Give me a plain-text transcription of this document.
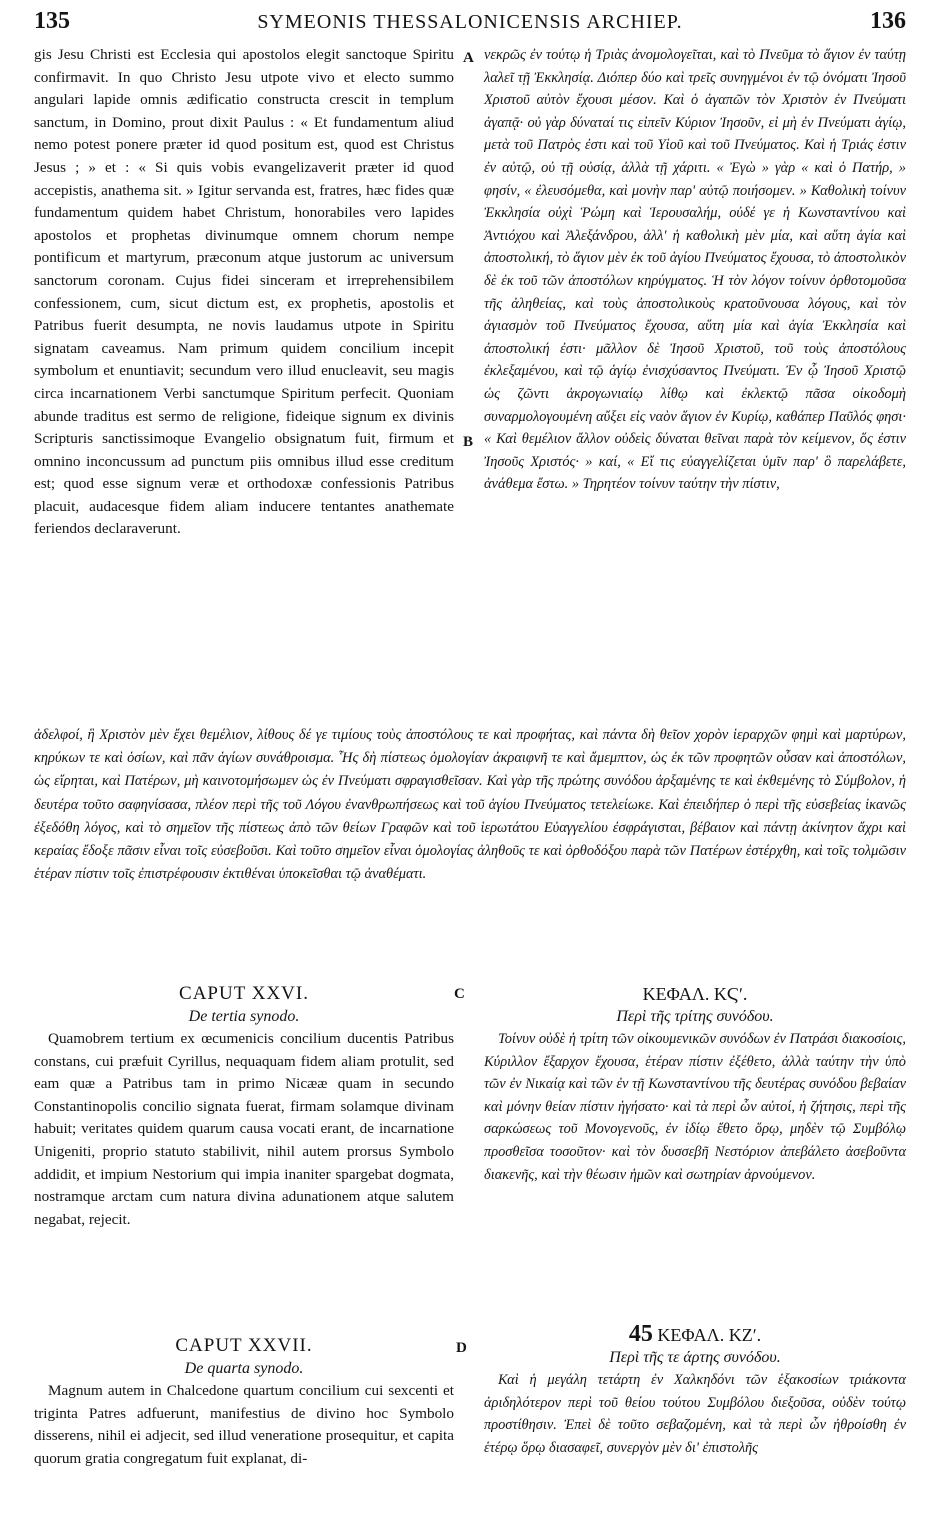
135	SYMEONIS THESSALONICENSIS ARCHIEP.	136
A
B
C
D

gis Jesu Christi est Ecclesia qui apostolos elegit sanctoque Spiritu confirmavit. In quo Christo Jesu utpote vivo et electo summo angulari lapide omnis ædificatio constructa crescit in templum sanctum, in Domino, prout dixit Paulus : « Et fundamentum aliud nemo potest ponere præter id quod positum est, quod est Christus Jesus ; » et : « Si quis vobis evangelizaverit præter id quod accepistis, anathema sit. » Igitur servanda est, fratres, hæc fides quæ fundamentum quidem habet Christum, honorabiles vero lapides apostolos et prophetas divinumque omnem chorum nempe pontificum et martyrum, præconum atque justorum ac universum sanctorum coronam. Cujus fidei sinceram et irreprehensibilem confessionem, cum, sicut dictum est, ex prophetis, apostolis et Patribus fuerit desumpta, ne novis laudamus utpote in Spiritu signatam caveamus. Nam primum quidem concilium incepit symbolum et enuntiavit; secundum vero illud enucleavit, seu magis circa incarnationem Verbi sanctumque Spiritum perfecit. Quoniam abunde traditus est sermo de religione, fideique signum ex divinis Scripturis sanctissimoque Evangelio obsignatum fuit, firmum et omnino inconcussum ad punctum piis omnibus illud esse creditum est; quod esse signum veræ et orthodoxæ confessionis Patribus placuit, audacesque fidem aliam inducere tentantes anathemate feriendos declaraverunt.

νεκρῶς ἐν τούτῳ ἡ Τριὰς ἀνομολογεῖται, καὶ τὸ Πνεῦμα τὸ ἅγιον ἐν ταύτῃ λαλεῖ τῇ Ἐκκλησίᾳ. Διόπερ δύο καὶ τρεῖς συνηγμένοι ἐν τῷ ὀνόματι Ἰησοῦ Χριστοῦ αὐτὸν ἔχουσι μέσον. Καὶ ὁ ἀγαπῶν τὸν Χριστὸν ἐν Πνεύματι ἀγαπᾷ· οὐ γὰρ δύναταί τις εἰπεῖν Κύριον Ἰησοῦν, εἰ μὴ ἐν Πνεύματι ἁγίῳ, μετὰ τοῦ Πατρὸς ἐστι καὶ τοῦ Υἱοῦ καὶ τοῦ Πνεύματος. Καὶ ἡ Τριάς ἐστιν ἐν αὐτῷ, οὐ τῇ οὐσίᾳ, ἀλλὰ τῇ χάριτι. « Ἐγὼ » γὰρ « καὶ ὁ Πατήρ, » φησίν, « ἐλευσόμεθα, καὶ μονὴν παρ' αὐτῷ ποιήσομεν. » Καθολικὴ τοίνυν Ἐκκλησία οὐχὶ Ῥώμη καὶ Ἱερουσαλήμ, οὐδέ γε ἡ Κωνσταντίνου καὶ Ἀντιόχου καὶ Ἀλεξάνδρου, ἀλλ' ἡ καθολικὴ μὲν μία, καὶ αὕτη ἁγία καὶ ἀποστολική, τὸ ἅγιον μὲν ἐκ τοῦ ἁγίου Πνεύματος ἔχουσα, τὸ ἀποστολικὸν δὲ ἐκ τοῦ τῶν ἀποστόλων κηρύγματος. Ἡ τὸν λόγον τοίνυν ὀρθοτομοῦσα τῆς ἀληθείας, καὶ τοὺς ἀποστολικοὺς κρατοῦνουσα λόγους, καὶ τὸν ἁγιασμὸν τοῦ Πνεύματος ἔχουσα, αὕτη μία καὶ ἁγία Ἐκκλησία καὶ ἀποστολική ἐστι· μᾶλλον δὲ Ἰησοῦ Χριστοῦ, τοῦ τοὺς ἀποστόλους ἐκλεξαμένου, καὶ τῷ ἁγίῳ ἐνισχύσαντος Πνεύματι. Ἐν ᾧ Ἰησοῦ Χριστῷ ὡς ζῶντι ἀκρογωνιαίῳ λίθῳ καὶ ἐκλεκτῷ πᾶσα οἰκοδομὴ συναρμολογουμένη αὔξει εἰς ναὸν ἅγιον ἐν Κυρίῳ, καθάπερ Παῦλός φησι· « Καὶ θεμέλιον ἄλλον οὐδεὶς δύναται θεῖναι παρὰ τὸν κείμενον, ὅς ἐστιν Ἰησοῦς Χριστός· » καί, « Εἴ τις εὐαγγελίζεται ὑμῖν παρ' ὃ παρελάβετε, ἀνάθεμα ἔστω. » Τηρητέον τοίνυν ταύτην τὴν πίστιν,

ἀδελφοί, ἣ Χριστὸν μὲν ἔχει θεμέλιον, λίθους δέ γε τιμίους τοὺς ἀποστόλους τε καὶ προφήτας, καὶ πάντα δὴ θεῖον χορὸν ἱεραρχῶν φημὶ καὶ μαρτύρων, κηρύκων τε καὶ ὁσίων, καὶ πᾶν ἁγίων συνάθροισμα. Ἧς δὴ πίστεως ὁμολογίαν ἀκραιφνῆ τε καὶ ἄμεμπτον, ὡς ἐκ τῶν προφητῶν οὖσαν καὶ ἀποστόλων, ὡς εἴρηται, καὶ Πατέρων, μὴ καινοτομήσωμεν ὡς ἐν Πνεύματι σφραγισθεῖσαν. Καὶ γὰρ τῆς πρώτης συνόδου ἀρξαμένης τε καὶ ἐκθεμένης τὸ Σύμβολον, ἡ δευτέρα τοῦτο σαφηνίσασα, πλέον περὶ τῆς τοῦ Λόγου ἐνανθρωπήσεως καὶ τοῦ ἁγίου Πνεύματος τετελείωκε. Καὶ ἐπειδήπερ ὁ περὶ τῆς εὐσεβείας ἱκανῶς ἐξεδόθη λόγος, καὶ τὸ σημεῖον τῆς πίστεως ἀπὸ τῶν θείων Γραφῶν καὶ τοῦ ἱερωτάτου Εὐαγγελίου ἐσφράγισται, βέβαιον καὶ πάντῃ ἀκίνητον ἄχρι καὶ κεραίας ἔδοξε πᾶσιν εἶναι τοῖς εὐσεβοῦσι. Καὶ τοῦτο σημεῖον εἶναι ὁμολογίας ἀληθοῦς τε καὶ ὀρθοδόξου παρὰ τῶν Πατέρων ἐστέρχθη, καὶ τοῖς τολμῶσιν ἑτέραν πίστιν τοῖς ἐπιστρέφουσιν ἐκτιθέναι ὑποκεῖσθαι τῷ ἀναθέματι.

CAPUT XXVI.
De tertia synodo.

Quamobrem tertium ex œcumenicis concilium ducentis Patribus constans, cui præfuit Cyrillus, nequaquam fidem aliam protulit, sed eam quæ a Patribus tam in primo Nicææ quam in secundo Constantinopolis concilio signata fuerat, firmam solamque divinam habuit; veritates quidem quarum causa vocati erant, de incarnatione Unigeniti, proprio statuto stabilivit, nihil autem prorsus Symbolo addidit, et impium Nestorium qui impia inaniter spargebat dogmata, nostramque arctam cum natura divina adunationem atque salutem negabat, rejecit.

ΚΕΦΑΛ. ΚϚʹ.
Περὶ τῆς τρίτης συνόδου.

Τοίνυν οὐδὲ ἡ τρίτη τῶν οἰκουμενικῶν συνόδων ἐν Πατράσι διακοσίοις, Κύριλλον ἔξαρχον ἔχουσα, ἑτέραν πίστιν ἐξέθετο, ἀλλὰ ταύτην τὴν ὑπὸ τῶν ἐν Νικαίᾳ καὶ τῶν ἐν τῇ Κωνσταντίνου τῆς δευτέρας συνόδου βεβαίαν καὶ μόνην θείαν πίστιν ἡγήσατο· καὶ τὰ περὶ ὧν αὐτοί, ἡ ζήτησις, περὶ τῆς σαρκώσεως τοῦ Μονογενοῦς, ἐν ἰδίῳ ἔθετο ὅρῳ, μηδὲν τῷ Συμβόλῳ προσθεῖσα τοσοῦτον· καὶ τὸν δυσσεβῆ Νεστόριον ἀπεβάλετο ἀσεβοῦντα διακενῆς, καὶ τὴν θέωσιν ἡμῶν καὶ σωτηρίαν ἀρνούμενον.

CAPUT XXVII.
De quarta synodo.

Magnum autem in Chalcedone quartum concilium cui sexcenti et triginta Patres adfuerunt, manifestius de divino hoc Symbolo disserens, nihil ei adjecit, sed illud veneratione prosequitur, et capita quorum gratia congregatum fuit explanat, di-

45 ΚΕΦΑΛ. ΚΖʹ.
Περὶ τῆς τε άρτης συνόδου.

Καὶ ἡ μεγάλη τετάρτη ἐν Χαλκηδόνι τῶν ἑξακοσίων τριάκοντα ἀριδηλότερον περὶ τοῦ θείου τούτου Συμβόλου διεξοῦσα, οὐδὲν τούτῳ προστίθησιν. Ἐπεὶ δὲ τοῦτο σεβαζομένη, καὶ τὰ περὶ ὧν ἠθροίσθη ἐν ἑτέρῳ ὅρῳ διασαφεῖ, συνεργὸν μὲν δι' ἐπιστολῆς
